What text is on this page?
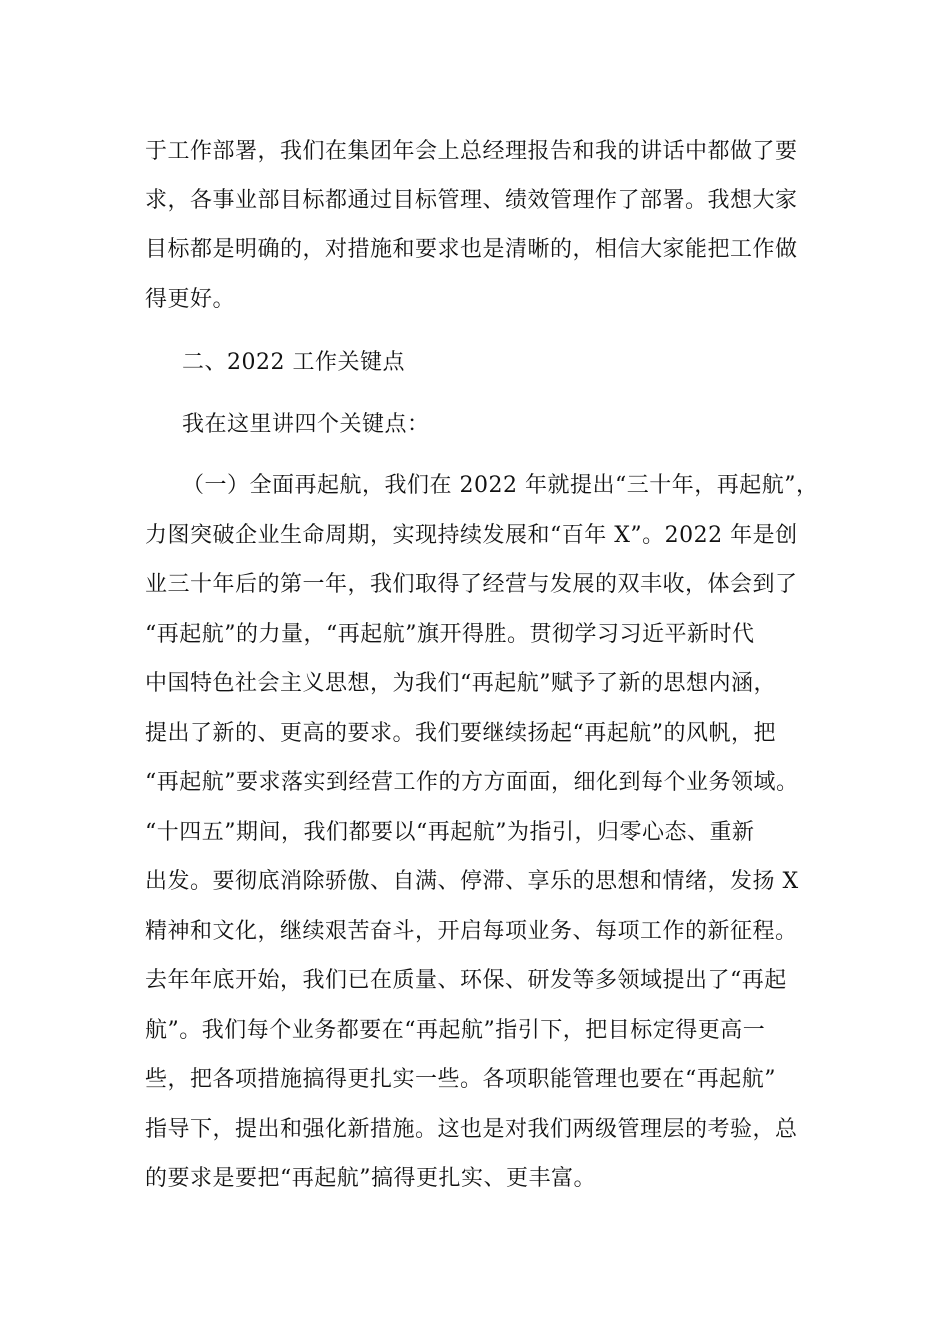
于工作部署，我们在集团年会上总经理报告和我的讲话中都做了要
求，各事业部目标都通过目标管理、绩效管理作了部署。我想大家
目标都是明确的，对措施和要求也是清晰的，相信大家能把工作做
得更好。
二、2022 工作关键点
我在这里讲四个关键点：
（一）全面再起航，我们在 2022 年就提出“三十年，再起航”，
力图突破企业生命周期，实现持续发展和“百年 X”。2022 年是创
业三十年后的第一年，我们取得了经营与发展的双丰收，体会到了
“再起航”的力量，“再起航”旗开得胜。贯彻学习习近平新时代
中国特色社会主义思想，为我们“再起航”赋予了新的思想内涵，
提出了新的、更高的要求。我们要继续扬起“再起航”的风帆，把
“再起航”要求落实到经营工作的方方面面，细化到每个业务领域。
“十四五”期间，我们都要以“再起航”为指引，归零心态、重新
出发。要彻底消除骄傲、自满、停滞、享乐的思想和情绪，发扬 X
精神和文化，继续艰苦奋斗，开启每项业务、每项工作的新征程。
去年年底开始，我们已在质量、环保、研发等多领域提出了“再起
航”。我们每个业务都要在“再起航”指引下，把目标定得更高一
些，把各项措施搞得更扎实一些。各项职能管理也要在“再起航”
指导下，提出和强化新措施。这也是对我们两级管理层的考验，总
的要求是要把“再起航”搞得更扎实、更丰富。
